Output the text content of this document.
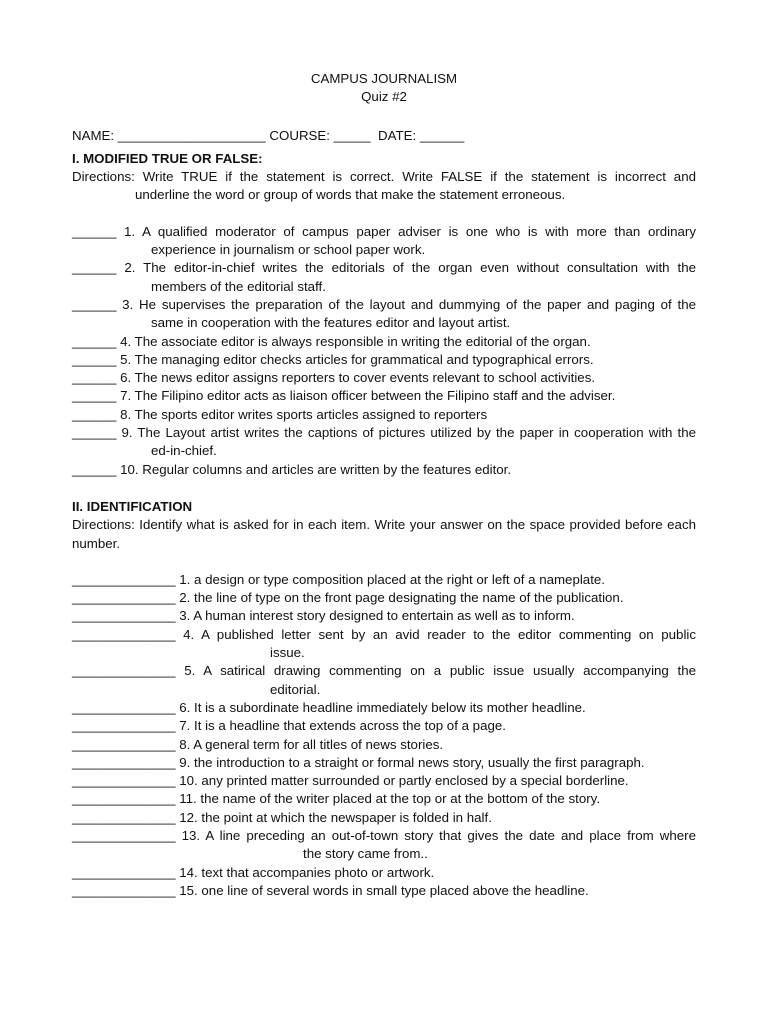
CAMPUS JOURNALISM

Quiz #2

NAME: ____________________ COURSE: _____  DATE: ______

I. MODIFIED TRUE OR FALSE:

Directions: Write TRUE if the statement is correct. Write FALSE if the statement is incorrect and

underline the word or group of words that make the statement erroneous.

______ 1. A qualified moderator of campus paper adviser is one who is with more than ordinary
experience in journalism or school paper work.
______ 2. The editor-in-chief writes the editorials of the organ even without consultation with the
members of the editorial staff.
______ 3. He supervises the preparation of the layout and dummying of the paper and paging of the
same in cooperation with the features editor and layout artist.
______ 4. The associate editor is always responsible in writing the editorial of the organ.
______ 5. The managing editor checks articles for grammatical and typographical errors.
______ 6. The news editor assigns reporters to cover events relevant to school activities.
______ 7. The Filipino editor acts as liaison officer between the Filipino staff and the adviser.
______ 8. The sports editor writes sports articles assigned to reporters
______ 9. The Layout artist writes the captions of pictures utilized by the paper in cooperation with the
ed-in-chief.
______ 10. Regular columns and articles are written by the features editor.

II. IDENTIFICATION

Directions: Identify what is asked for in each item. Write your answer on the space provided before each number.

______________ 1. a design or type composition placed at the right or left of a nameplate.
______________ 2. the line of type on the front page designating the name of the publication.
______________ 3. A human interest story designed to entertain as well as to inform.
______________ 4. A published letter sent by an avid reader to the editor commenting on public
issue.
______________ 5. A satirical drawing commenting on a public issue usually accompanying the
editorial.
______________ 6. It is a subordinate headline immediately below its mother headline.
______________ 7. It is a headline that extends across the top of a page.
______________ 8. A general term for all titles of news stories.
______________ 9. the introduction to a straight or formal news story, usually the first paragraph.
______________ 10. any printed matter surrounded or partly enclosed by a special borderline.
______________ 11. the name of the writer placed at the top or at the bottom of the story.
______________ 12. the point at which the newspaper is folded in half.
______________ 13. A line preceding an out-of-town story that gives the date and place from where
the story came from..
______________ 14. text that accompanies photo or artwork.
______________ 15. one line of several words in small type placed above the headline.
